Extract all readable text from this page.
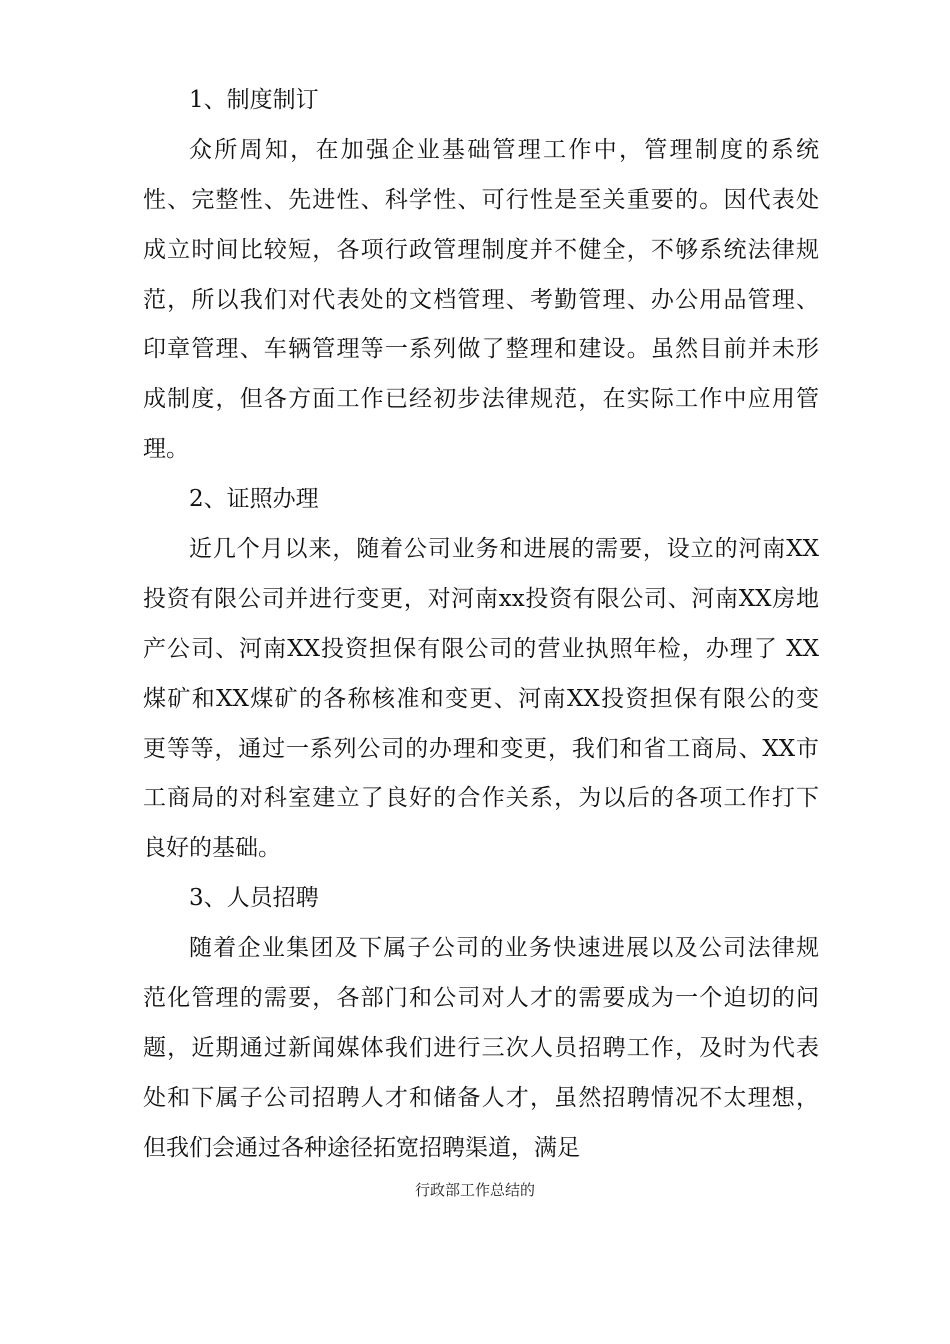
1、制度制订
众所周知，在加强企业基础管理工作中，管理制度的系统
性、完整性、先进性、科学性、可行性是至关重要的。因代表处
成立时间比较短，各项行政管理制度并不健全，不够系统法律规
范，所以我们对代表处的文档管理、考勤管理、办公用品管理、
印章管理、车辆管理等一系列做了整理和建设。虽然目前并未形
成制度，但各方面工作已经初步法律规范，在实际工作中应用管
理。
2、证照办理
近几个月以来，随着公司业务和进展的需要，设立的河南XX
投资有限公司并进行变更，对河南xx投资有限公司、河南XX房地
产公司、河南XX投资担保有限公司的营业执照年检，办理了 XX
煤矿和XX煤矿的各称核准和变更、河南XX投资担保有限公的变
更等等，通过一系列公司的办理和变更，我们和省工商局、XX市
工商局的对科室建立了良好的合作关系，为以后的各项工作打下
良好的基础。
3、人员招聘
随着企业集团及下属子公司的业务快速进展以及公司法律规
范化管理的需要，各部门和公司对人才的需要成为一个迫切的问
题，近期通过新闻媒体我们进行三次人员招聘工作，及时为代表
处和下属子公司招聘人才和储备人才，虽然招聘情况不太理想，
但我们会通过各种途径拓宽招聘渠道，满足
行政部工作总结的
